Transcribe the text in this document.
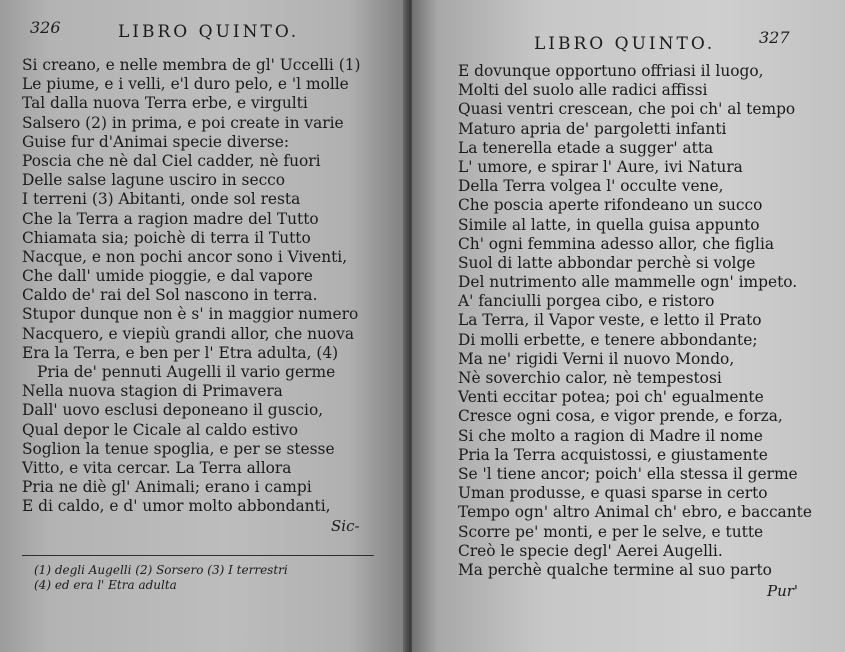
326	LIBRO QUINTO.
Si creano, e nelle membra de gl' Uccelli (1)
Le piume, e i velli, e'l duro pelo, e 'l molle
Tal dalla nuova Terra erbe, e virgulti
Salsero (2) in prima, e poi create in varie
Guise fur d'Animai specie diverse:
Poscia che nè dal Ciel cadder, nè fuori
Delle salse lagune usciro in secco
I terreni (3) Abitanti, onde sol resta
Che la Terra a ragion madre del Tutto
Chiamata sia; poichè di terra il Tutto
Nacque, e non pochi ancor sono i Viventi,
Che dall' umide pioggie, e dal vapore
Caldo de' rai del Sol nascono in terra.
Stupor dunque non è s' in maggior numero
Nacquero, e viepiù grandi allor, che nuova
Era la Terra, e ben per l' Etra adulta, (4)
Pria de' pennuti Augelli il vario germe
Nella nuova stagion di Primavera
Dall' uovo esclusi deponeano il guscio,
Qual depor le Cicale al caldo estivo
Soglion la tenue spoglia, e per se stesse
Vitto, e vita cercar. La Terra allora
Pria ne diè gl' Animali; erano i campi
E di caldo, e d' umor molto abbondanti,
Sic-
(1) degli Augelli (2) Sorsero (3) I terrestri
(4) ed era l' Etra adulta
LIBRO QUINTO.	327
E dovunque opportuno offriasi il luogo,
Molti del suolo alle radici affissi
Quasi ventri crescean, che poi ch' al tempo
Maturo apria de' pargoletti infanti
La tenerella etade a sugger' atta
L' umore, e spirar l' Aure, ivi Natura
Della Terra volgea l' occulte vene,
Che poscia aperte rifondeano un succo
Simile al latte, in quella guisa appunto
Ch' ogni femmina adesso allor, che figlia
Suol di latte abbondar perchè si volge
Del nutrimento alle mammelle ogn' impeto.
A' fanciulli porgea cibo, e ristoro
La Terra, il Vapor veste, e letto il Prato
Di molli erbette, e tenere abbondante;
Ma ne' rigidi Verni il nuovo Mondo,
Nè soverchio calor, nè tempestosi
Venti eccitar potea; poi ch' egualmente
Cresce ogni cosa, e vigor prende, e forza,
Si che molto a ragion di Madre il nome
Pria la Terra acquistossi, e giustamente
Se 'l tiene ancor; poich' ella stessa il germe
Uman produsse, e quasi sparse in certo
Tempo ogn' altro Animal ch' ebro, e baccante
Scorre pe' monti, e per le selve, e tutte
Creò le specie degl' Aerei Augelli.
Ma perchè qualche termine al suo parto
Pur'
